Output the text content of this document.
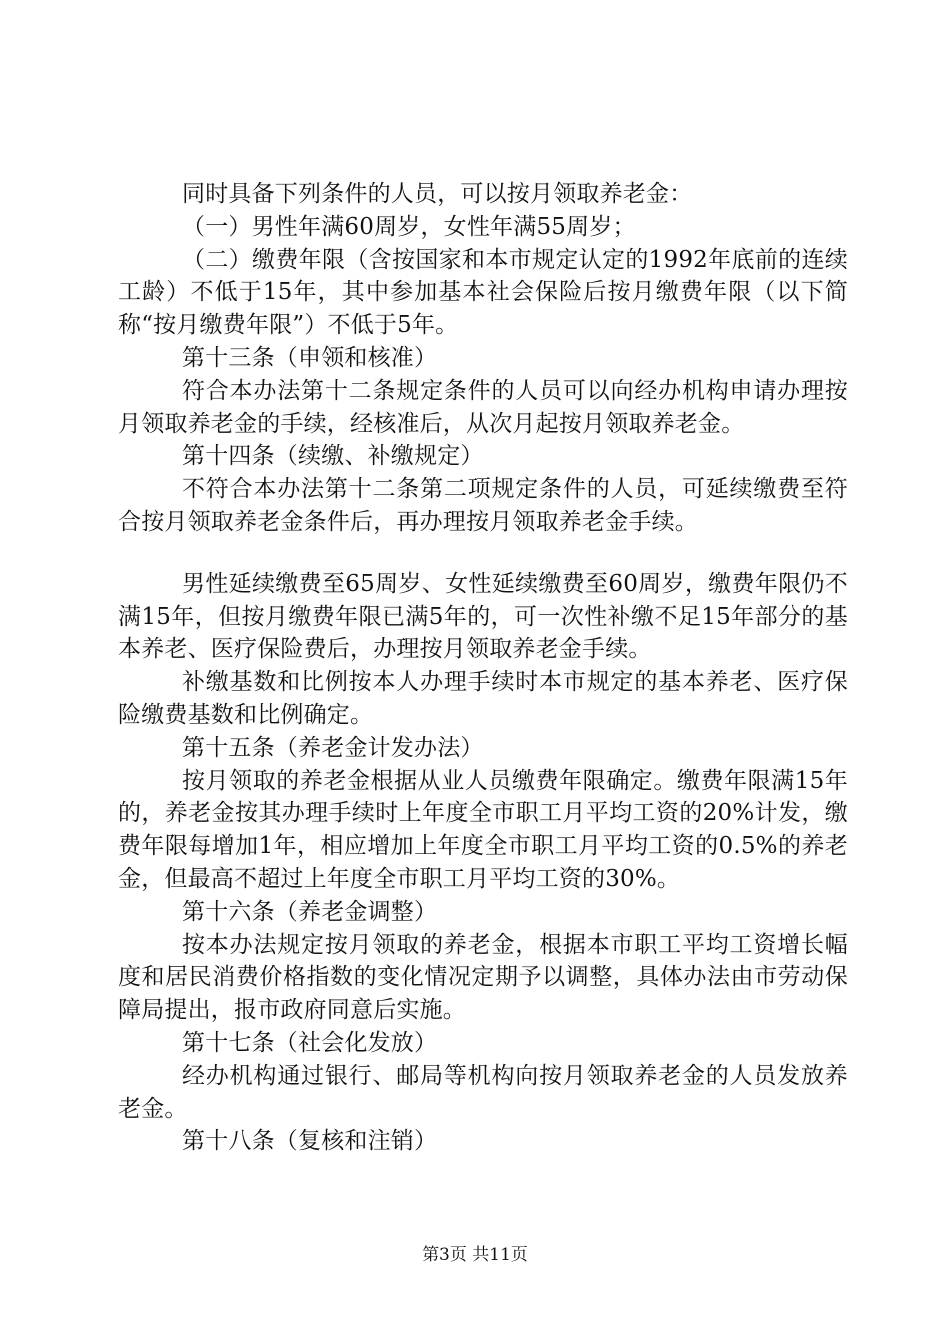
同时具备下列条件的人员，可以按月领取养老金：

（一）男性年满60周岁，女性年满55周岁；

（二）缴费年限（含按国家和本市规定认定的1992年底前的连续工龄）不低于15年，其中参加基本社会保险后按月缴费年限（以下简称“按月缴费年限”）不低于5年。

第十三条（申领和核准）

符合本办法第十二条规定条件的人员可以向经办机构申请办理按月领取养老金的手续，经核准后，从次月起按月领取养老金。

第十四条（续缴、补缴规定）

不符合本办法第十二条第二项规定条件的人员，可延续缴费至符合按月领取养老金条件后，再办理按月领取养老金手续。

男性延续缴费至65周岁、女性延续缴费至60周岁，缴费年限仍不满15年，但按月缴费年限已满5年的，可一次性补缴不足15年部分的基本养老、医疗保险费后，办理按月领取养老金手续。

补缴基数和比例按本人办理手续时本市规定的基本养老、医疗保险缴费基数和比例确定。

第十五条（养老金计发办法）

按月领取的养老金根据从业人员缴费年限确定。缴费年限满15年的，养老金按其办理手续时上年度全市职工月平均工资的20%计发，缴费年限每增加1年，相应增加上年度全市职工月平均工资的0.5%的养老金，但最高不超过上年度全市职工月平均工资的30%。

第十六条（养老金调整）

按本办法规定按月领取的养老金，根据本市职工平均工资增长幅度和居民消费价格指数的变化情况定期予以调整，具体办法由市劳动保障局提出，报市政府同意后实施。

第十七条（社会化发放）

经办机构通过银行、邮局等机构向按月领取养老金的人员发放养老金。

第十八条（复核和注销）

第3页 共11页
